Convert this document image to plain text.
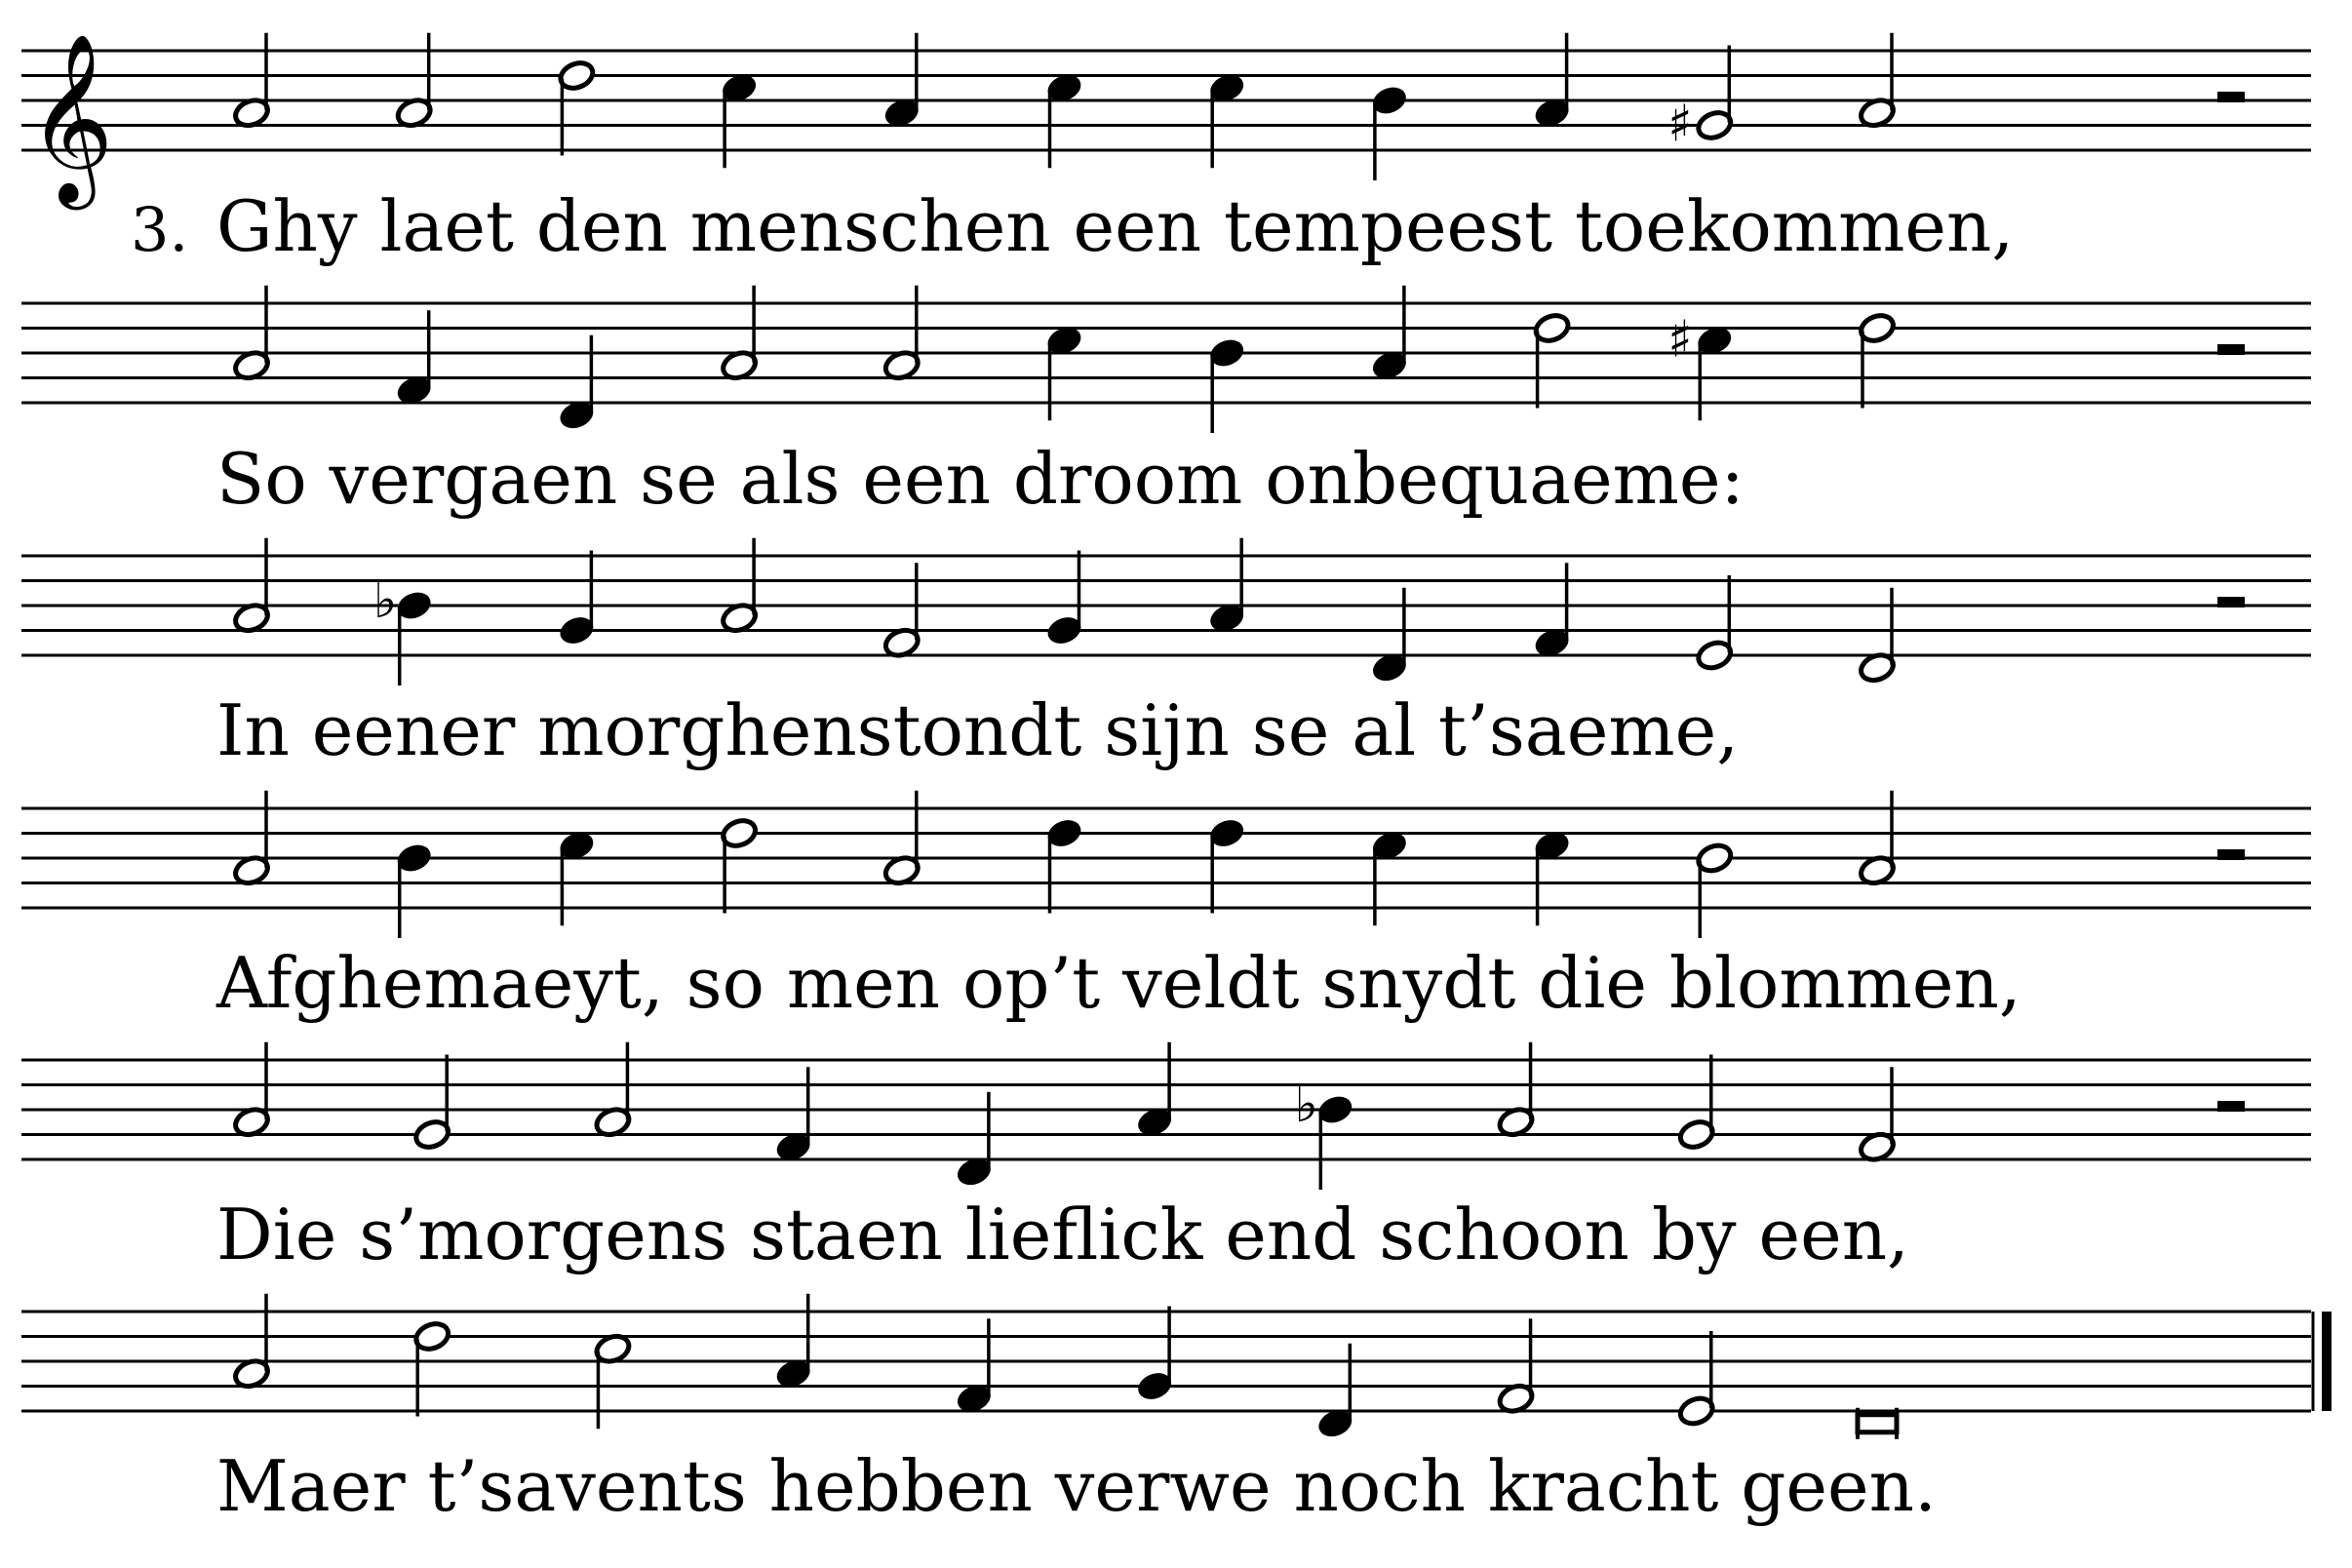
𝄞	♯
♯
♭
♭
3. Ghy laet den menschen een tempeest toekommen,
So vergaen se als een droom onbequaeme:
In eener morghenstondt sijn se al t’saeme,
Afghemaeyt, so men op’t veldt snydt die blommen,
Die s’morgens staen lieflick end schoon by een,
Maer t’savents hebben verwe noch kracht geen.
